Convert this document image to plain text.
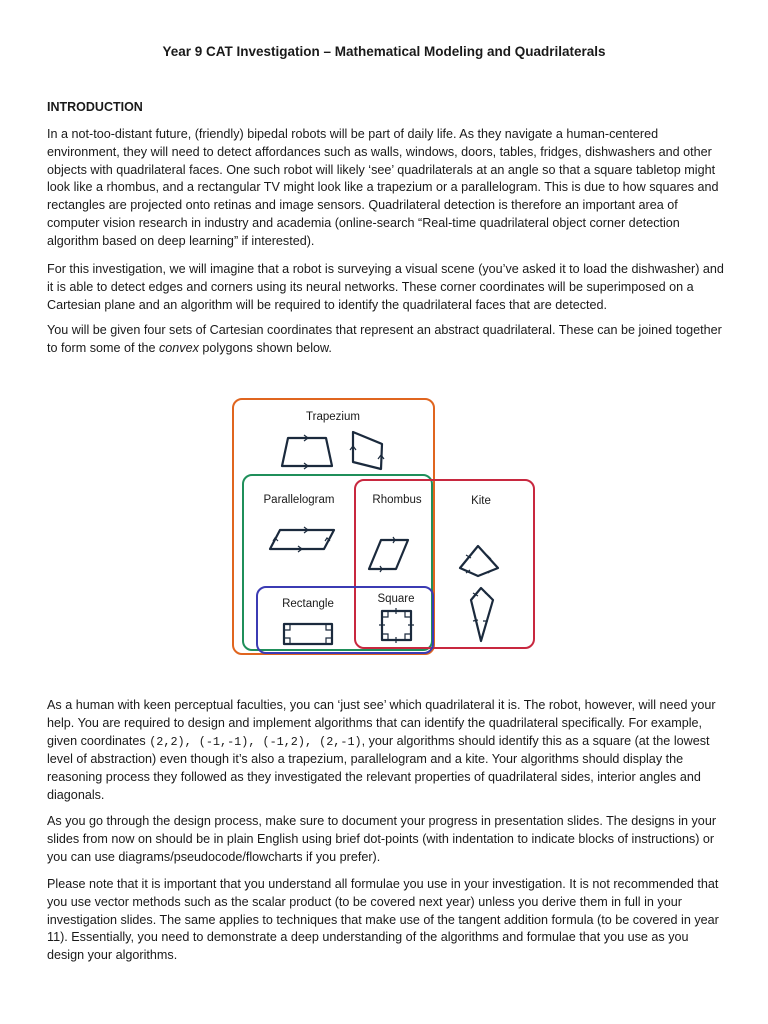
Year 9 CAT Investigation – Mathematical Modeling and Quadrilaterals
INTRODUCTION

In a not-too-distant future, (friendly) bipedal robots will be part of daily life. As they navigate a human-centered environment, they will need to detect affordances such as walls, windows, doors, tables, fridges, dishwashers and other objects with quadrilateral faces. One such robot will likely ‘see’ quadrilaterals at an angle so that a square tabletop might look like a rhombus, and a rectangular TV might look like a trapezium or a parallelogram. This is due to how squares and rectangles are projected onto retinas and image sensors. Quadrilateral detection is therefore an important area of computer vision research in industry and academia (online-search “Real-time quadrilateral object corner detection algorithm based on deep learning” if interested).

For this investigation, we will imagine that a robot is surveying a visual scene (you’ve asked it to load the dishwasher) and it is able to detect edges and corners using its neural networks. These corner coordinates will be superimposed on a Cartesian plane and an algorithm will be required to identify the quadrilateral faces that are detected.

You will be given four sets of Cartesian coordinates that represent an abstract quadrilateral. These can be joined together to form some of the convex polygons shown below.

Trapezium
Parallelogram	Rhombus	Kite
Rectangle	Square

As a human with keen perceptual faculties, you can ‘just see’ which quadrilateral it is. The robot, however, will need your help. You are required to design and implement algorithms that can identify the quadrilateral specifically. For example, given coordinates (2,2), (-1,-1), (-1,2), (2,-1), your algorithms should identify this as a square (at the lowest level of abstraction) even though it’s also a trapezium, parallelogram and a kite. Your algorithms should display the reasoning process they followed as they investigated the relevant properties of quadrilateral sides, interior angles and diagonals.

As you go through the design process, make sure to document your progress in presentation slides. The designs in your slides from now on should be in plain English using brief dot-points (with indentation to indicate blocks of instructions) or you can use diagrams/pseudocode/flowcharts if you prefer).

Please note that it is important that you understand all formulae you use in your investigation. It is not recommended that you use vector methods such as the scalar product (to be covered next year) unless you derive them in full in your investigation slides. The same applies to techniques that make use of the tangent addition formula (to be covered in year 11). Essentially, you need to demonstrate a deep understanding of the algorithms and formulae that you use as you design your algorithms.
